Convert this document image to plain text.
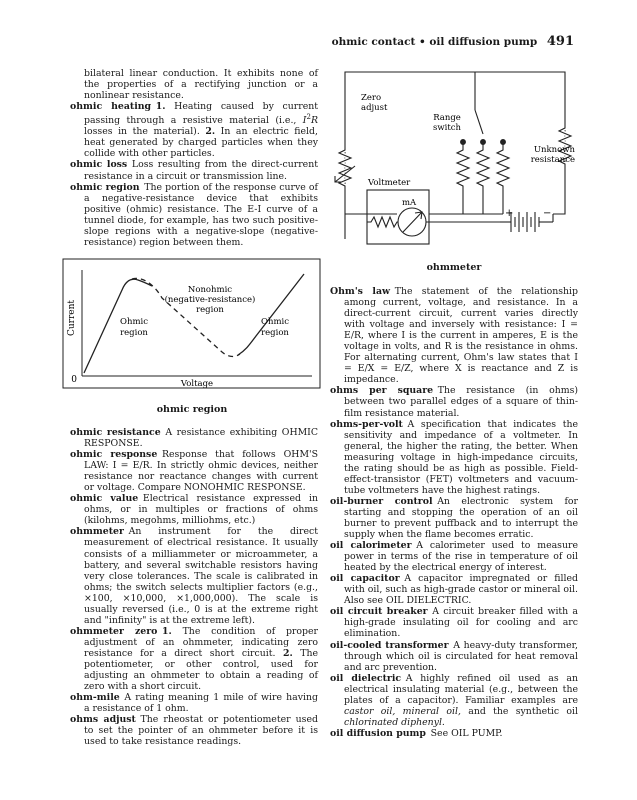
ohmic contact • oil diffusion pump 491

bilateral linear conduction. It exhibits none of the properties of a rectifying junction or a nonlinear resistance.

ohmic heating  1. Heating caused by current passing through a resistive material (i.e., $I^2R$ losses in the material). 2. In an electric field, heat generated by charged particles when they collide with other particles.

ohmic loss  Loss resulting from the direct-current resistance in a circuit or transmission line.

ohmic region  The portion of the response curve of a negative-resistance device that exhibits positive (ohmic) resistance. The E-I curve of a tunnel diode, for example, has two such positive-slope regions with a negative-slope (negative-resistance) region between them.

Current
0	Voltage
Ohmic region
Nonohmic (negative-resistance) region
Ohmic region
ohmic region

ohmic resistance  A resistance exhibiting OHMIC RESPONSE.

ohmic response  Response that follows OHM'S LAW: I = E/R. In strictly ohmic devices, neither resistance nor reactance changes with current or voltage. Compare NONOHMIC RESPONSE.

ohmic value  Electrical resistance expressed in ohms, or in multiples or fractions of ohms (kilohms, megohms, milliohms, etc.)

ohmmeter  An instrument for the direct measurement of electrical resistance. It usually consists of a milliammeter or microammeter, a battery, and several switchable resistors having very close tolerances. The scale is calibrated in ohms; the switch selects multiplier factors (e.g., ×100, ×10,000, ×1,000,000). The scale is usually reversed (i.e., 0 is at the extreme right and "infinity" is at the extreme left).

ohmmeter zero  1. The condition of proper adjustment of an ohmmeter, indicating zero resistance for a direct short circuit. 2. The potentiometer, or other control, used for adjusting an ohmmeter to obtain a reading of zero with a short circuit.

ohm-mile  A rating meaning 1 mile of wire having a resistance of 1 ohm.

ohms adjust  The rheostat or potentiometer used to set the pointer of an ohmmeter before it is used to take resistance readings.

Zero adjust
Range switch
Unknown resistance
Voltmeter
mA
+	−
ohmmeter

Ohm's law  The statement of the relationship among current, voltage, and resistance. In a direct-current circuit, current varies directly with voltage and inversely with resistance: I = E/R, where I is the current in amperes, E is the voltage in volts, and R is the resistance in ohms. For alternating current, Ohm's law states that I = E/X = E/Z, where X is reactance and Z is impedance.

ohms per square  The resistance (in ohms) between two parallel edges of a square of thin-film resistance material.

ohms-per-volt  A specification that indicates the sensitivity and impedance of a voltmeter. In general, the higher the rating, the better. When measuring voltage in high-impedance circuits, the rating should be as high as possible. Field-effect-transistor (FET) voltmeters and vacuum-tube voltmeters have the highest ratings.

oil-burner control  An electronic system for starting and stopping the operation of an oil burner to prevent puffback and to interrupt the supply when the flame becomes erratic.

oil calorimeter  A calorimeter used to measure power in terms of the rise in temperature of oil heated by the electrical energy of interest.

oil capacitor  A capacitor impregnated or filled with oil, such as high-grade castor or mineral oil. Also see OIL DIELECTRIC.

oil circuit breaker  A circuit breaker filled with a high-grade insulating oil for cooling and arc elimination.

oil-cooled transformer  A heavy-duty transformer, through which oil is circulated for heat removal and arc prevention.

oil dielectric  A highly refined oil used as an electrical insulating material (e.g., between the plates of a capacitor). Familiar examples are castor oil, mineral oil, and the synthetic oil chlorinated diphenyl.

oil diffusion pump  See OIL PUMP.
